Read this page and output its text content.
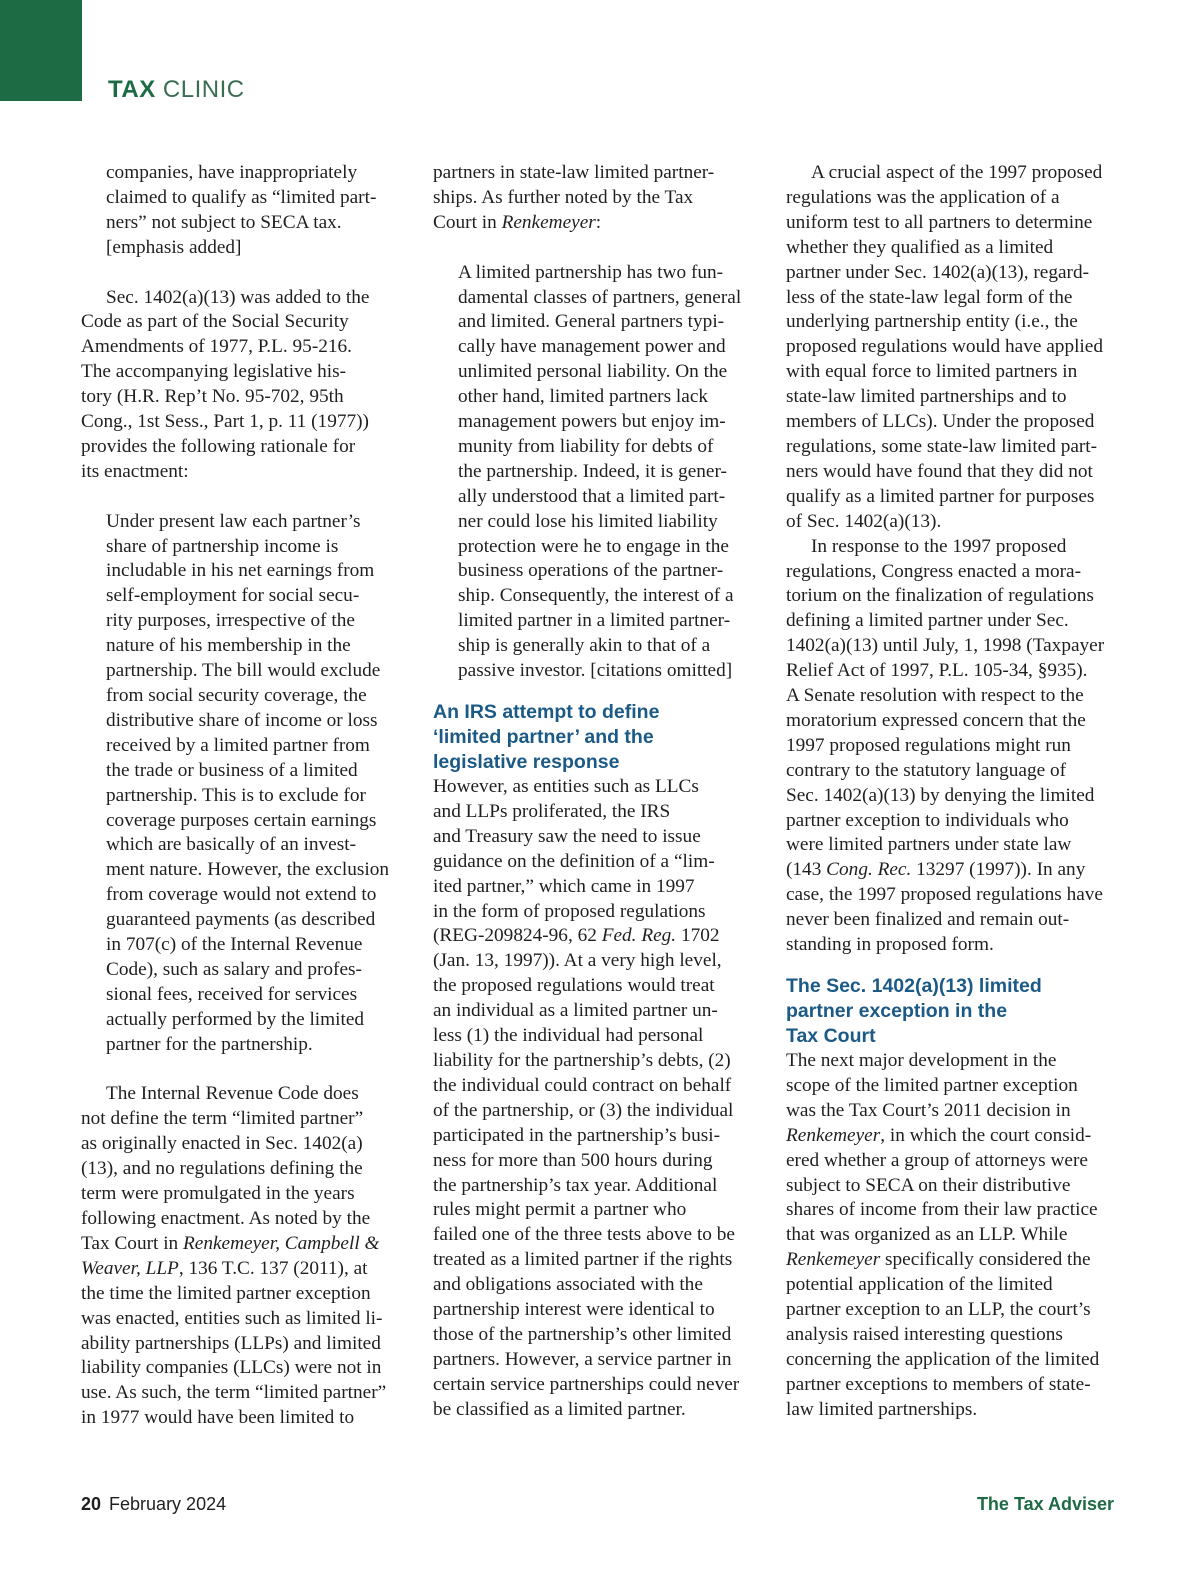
TAX CLINIC
companies, have inappropriately
claimed to qualify as “limited part-
ners” not subject to SECA tax.
[emphasis added]
Sec. 1402(a)(13) was added to the
Code as part of the Social Security
Amendments of 1977, P.L. 95-216.
The accompanying legislative his-
tory (H.R. Rep’t No. 95-702, 95th
Cong., 1st Sess., Part 1, p. 11 (1977))
provides the following rationale for
its enactment:
Under present law each partner’s
share of partnership income is
includable in his net earnings from
self-employment for social secu-
rity purposes, irrespective of the
nature of his membership in the
partnership. The bill would exclude
from social security coverage, the
distributive share of income or loss
received by a limited partner from
the trade or business of a limited
partnership. This is to exclude for
coverage purposes certain earnings
which are basically of an invest-
ment nature. However, the exclusion
from coverage would not extend to
guaranteed payments (as described
in 707(c) of the Internal Revenue
Code), such as salary and profes-
sional fees, received for services
actually performed by the limited
partner for the partnership.
The Internal Revenue Code does
not define the term “limited partner”
as originally enacted in Sec. 1402(a)
(13), and no regulations defining the
term were promulgated in the years
following enactment. As noted by the
Tax Court in Renkemeyer, Campbell &
Weaver, LLP, 136 T.C. 137 (2011), at
the time the limited partner exception
was enacted, entities such as limited li-
ability partnerships (LLPs) and limited
liability companies (LLCs) were not in
use. As such, the term “limited partner”
in 1977 would have been limited to
partners in state-law limited partner-
ships. As further noted by the Tax
Court in Renkemeyer:
A limited partnership has two fun-
damental classes of partners, general
and limited. General partners typi-
cally have management power and
unlimited personal liability. On the
other hand, limited partners lack
management powers but enjoy im-
munity from liability for debts of
the partnership. Indeed, it is gener-
ally understood that a limited part-
ner could lose his limited liability
protection were he to engage in the
business operations of the partner-
ship. Consequently, the interest of a
limited partner in a limited partner-
ship is generally akin to that of a
passive investor. [citations omitted]
An IRS attempt to define
‘limited partner’ and the
legislative response
However, as entities such as LLCs
and LLPs proliferated, the IRS
and Treasury saw the need to issue
guidance on the definition of a “lim-
ited partner,” which came in 1997
in the form of proposed regulations
(REG-209824-96, 62 Fed. Reg. 1702
(Jan. 13, 1997)). At a very high level,
the proposed regulations would treat
an individual as a limited partner un-
less (1) the individual had personal
liability for the partnership’s debts, (2)
the individual could contract on behalf
of the partnership, or (3) the individual
participated in the partnership’s busi-
ness for more than 500 hours during
the partnership’s tax year. Additional
rules might permit a partner who
failed one of the three tests above to be
treated as a limited partner if the rights
and obligations associated with the
partnership interest were identical to
those of the partnership’s other limited
partners. However, a service partner in
certain service partnerships could never
be classified as a limited partner.
A crucial aspect of the 1997 proposed
regulations was the application of a
uniform test to all partners to determine
whether they qualified as a limited
partner under Sec. 1402(a)(13), regard-
less of the state-law legal form of the
underlying partnership entity (i.e., the
proposed regulations would have applied
with equal force to limited partners in
state-law limited partnerships and to
members of LLCs). Under the proposed
regulations, some state-law limited part-
ners would have found that they did not
qualify as a limited partner for purposes
of Sec. 1402(a)(13).
In response to the 1997 proposed
regulations, Congress enacted a mora-
torium on the finalization of regulations
defining a limited partner under Sec.
1402(a)(13) until July, 1, 1998 (Taxpayer
Relief Act of 1997, P.L. 105-34, §935).
A Senate resolution with respect to the
moratorium expressed concern that the
1997 proposed regulations might run
contrary to the statutory language of
Sec. 1402(a)(13) by denying the limited
partner exception to individuals who
were limited partners under state law
(143 Cong. Rec. 13297 (1997)). In any
case, the 1997 proposed regulations have
never been finalized and remain out-
standing in proposed form.
The Sec. 1402(a)(13) limited
partner exception in the
Tax Court
The next major development in the
scope of the limited partner exception
was the Tax Court’s 2011 decision in
Renkemeyer, in which the court consid-
ered whether a group of attorneys were
subject to SECA on their distributive
shares of income from their law practice
that was organized as an LLP. While
Renkemeyer specifically considered the
potential application of the limited
partner exception to an LLP, the court’s
analysis raised interesting questions
concerning the application of the limited
partner exceptions to members of state-
law limited partnerships.
20 February 2024	The Tax Adviser
